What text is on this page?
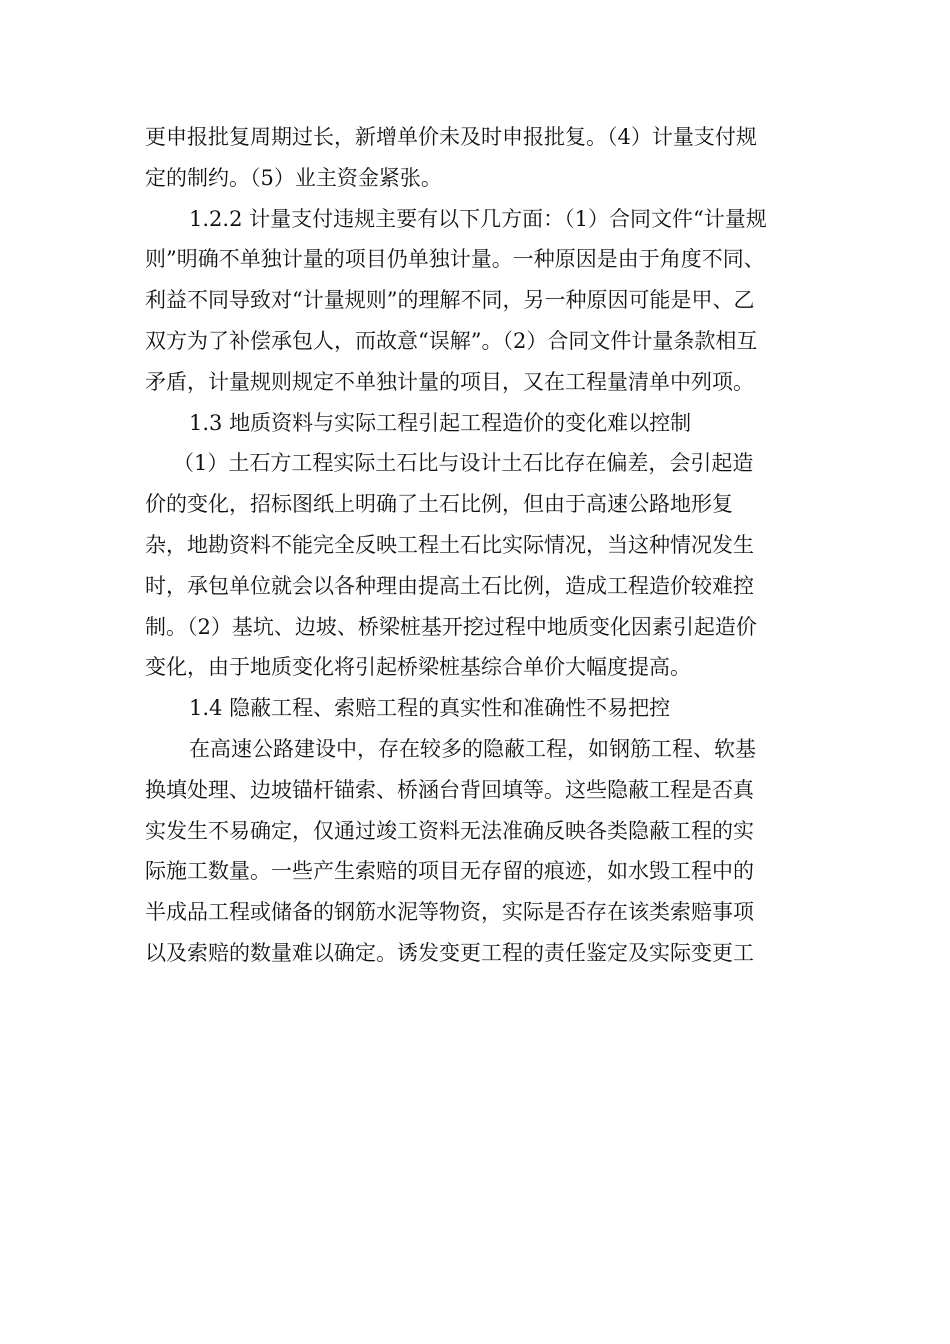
更申报批复周期过长，新增单价未及时申报批复。（4）计量支付规
定的制约。（5）业主资金紧张。
1.2.2 计量支付违规主要有以下几方面：（1）合同文件“计量规
则”明确不单独计量的项目仍单独计量。一种原因是由于角度不同、
利益不同导致对“计量规则”的理解不同，另一种原因可能是甲、乙
双方为了补偿承包人，而故意“误解”。（2）合同文件计量条款相互
矛盾，计量规则规定不单独计量的项目，又在工程量清单中列项。
1.3 地质资料与实际工程引起工程造价的变化难以控制
（1）土石方工程实际土石比与设计土石比存在偏差，会引起造
价的变化，招标图纸上明确了土石比例，但由于高速公路地形复
杂，地勘资料不能完全反映工程土石比实际情况，当这种情况发生
时，承包单位就会以各种理由提高土石比例，造成工程造价较难控
制。（2）基坑、边坡、桥梁桩基开挖过程中地质变化因素引起造价
变化，由于地质变化将引起桥梁桩基综合单价大幅度提高。
1.4 隐蔽工程、索赔工程的真实性和准确性不易把控
在高速公路建设中，存在较多的隐蔽工程，如钢筋工程、软基
换填处理、边坡锚杆锚索、桥涵台背回填等。这些隐蔽工程是否真
实发生不易确定，仅通过竣工资料无法准确反映各类隐蔽工程的实
际施工数量。一些产生索赔的项目无存留的痕迹，如水毁工程中的
半成品工程或储备的钢筋水泥等物资，实际是否存在该类索赔事项
以及索赔的数量难以确定。诱发变更工程的责任鉴定及实际变更工
